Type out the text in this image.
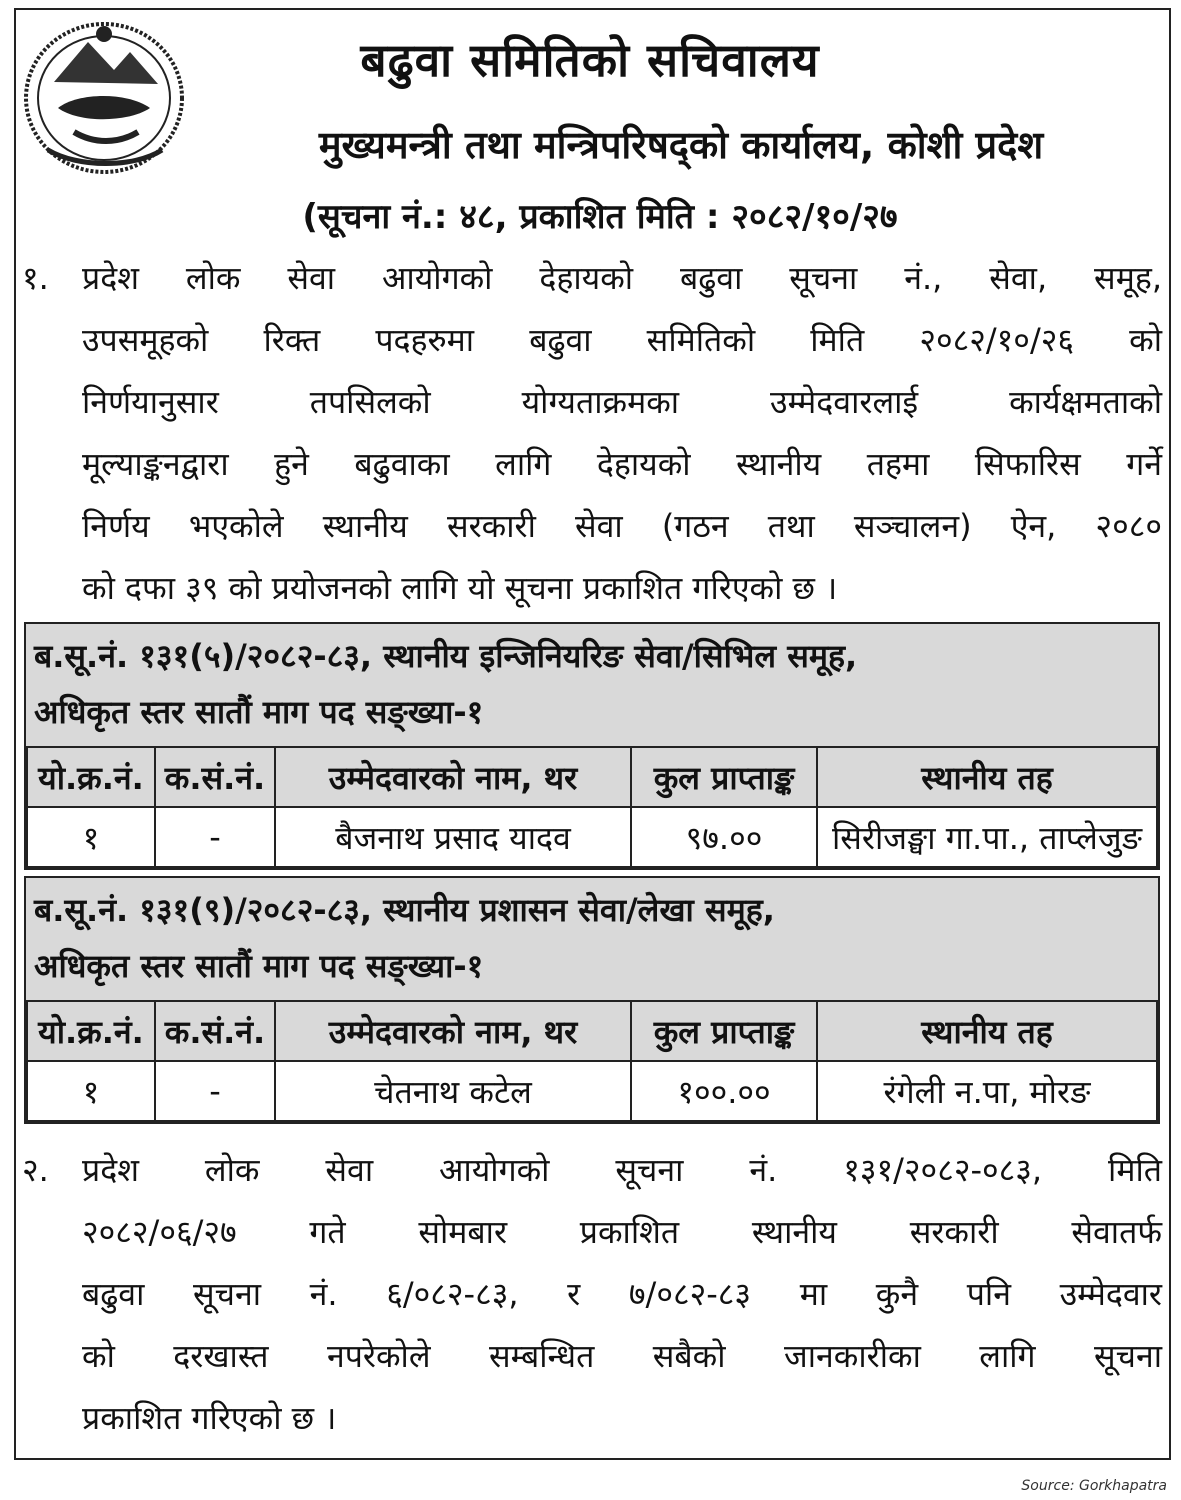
बढुवा समितिको सचिवालय
मुख्यमन्त्री तथा मन्त्रिपरिषद्को कार्यालय, कोशी प्रदेश
(सूचना नं.: ४८, प्रकाशित मिति : २०८२/१०/२७
१.	प्रदेश लोक सेवा आयोगको देहायको बढुवा सूचना नं., सेवा, समूह,
उपसमूहको रिक्त पदहरुमा बढुवा समितिको मिति २०८२/१०/२६ को
निर्णयानुसार तपसिलको योग्यताक्रमका उम्मेदवारलाई कार्यक्षमताको
मूल्याङ्कनद्वारा हुने बढुवाका लागि देहायको स्थानीय तहमा सिफारिस गर्ने
निर्णय भएकोले स्थानीय सरकारी सेवा (गठन तथा सञ्चालन) ऐन, २०८०
को दफा ३९ को प्रयोजनको लागि यो सूचना प्रकाशित गरिएको छ ।
ब.सू.नं. १३१(५)/२०८२-८३, स्थानीय इन्जिनियरिङ सेवा/सिभिल समूह,
अधिकृत स्तर सातौं माग पद सङ्ख्या-१
यो.क्र.नं.	क.सं.नं.	उम्मेदवारको नाम, थर	कुल प्राप्ताङ्क	स्थानीय तह
१	-	बैजनाथ प्रसाद यादव	९७.००	सिरीजङ्घा गा.पा., ताप्लेजुङ
ब.सू.नं. १३१(९)/२०८२-८३, स्थानीय प्रशासन सेवा/लेखा समूह,
अधिकृत स्तर सातौं माग पद सङ्ख्या-१
यो.क्र.नं.	क.सं.नं.	उम्मेदवारको नाम, थर	कुल प्राप्ताङ्क	स्थानीय तह
१	-	चेतनाथ कटेल	१००.००	रंगेली न.पा, मोरङ
२.	प्रदेश लोक सेवा आयोगको सूचना नं. १३१/२०८२-०८३, मिति
२०८२/०६/२७ गते सोमबार प्रकाशित स्थानीय सरकारी सेवातर्फ
बढुवा सूचना नं. ६/०८२-८३, र ७/०८२-८३ मा कुनै पनि उम्मेदवार
को दरखास्त नपरेकोले सम्बन्धित सबैको जानकारीका लागि सूचना
प्रकाशित गरिएको छ ।
Source: Gorkhapatra
